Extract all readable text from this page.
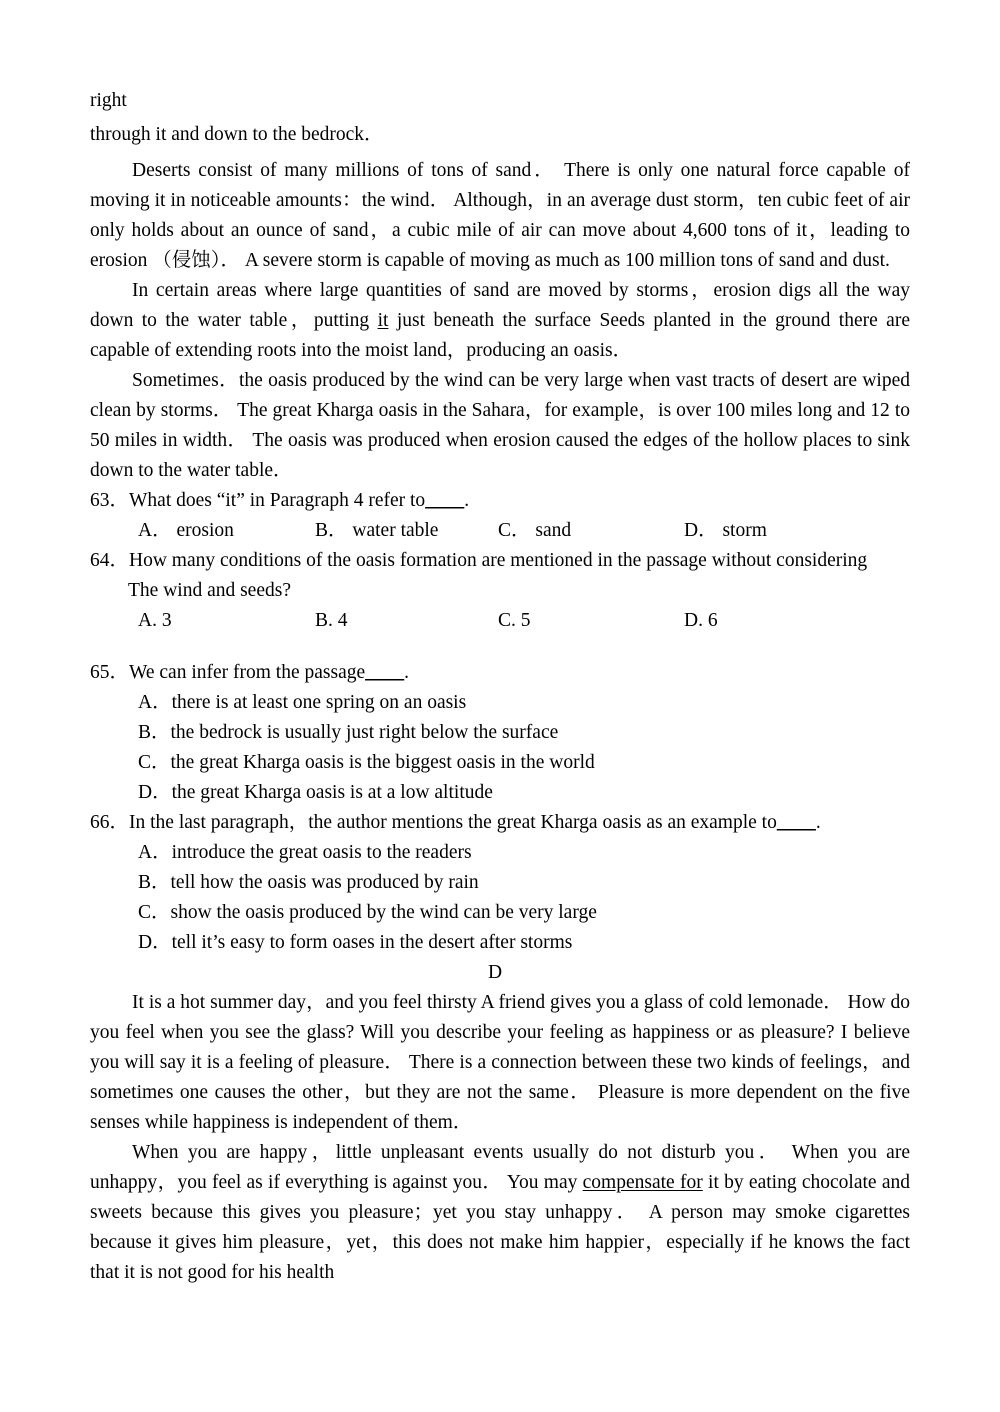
right

through it and down to the bedrock．

Deserts consist of many millions of tons of sand． There is only one natural force capable of moving it in noticeable amounts：the wind． Although，in an average dust storm，ten cubic feet of air only holds about an ounce of sand，a cubic mile of air can move about 4,600 tons of it，leading to erosion （侵蚀）． A severe storm is capable of moving as much as 100 million tons of sand and dust.

In certain areas where large quantities of sand are moved by storms，erosion digs all the way down to the water table，putting it just beneath the surface Seeds planted in the ground there are capable of extending roots into the moist land，producing an oasis．

Sometimes．the oasis produced by the wind can be very large when vast tracts of desert are wiped clean by storms． The great Kharga oasis in the Sahara，for example，is over 100 miles long and 12 to 50 miles in width． The oasis was produced when erosion caused the edges of the hollow places to sink down to the water table．

63．What does “it” in Paragraph 4 refer to____.

A． erosion	B． water table	C． sand	D． storm

64．How many conditions of the oasis formation are mentioned in the passage without considering

The wind and seeds?

A. 3	B. 4	C. 5	D. 6

65．We can infer from the passage____.

A．there is at least one spring on an oasis
B．the bedrock is usually just right below the surface
C．the great Kharga oasis is the biggest oasis in the world
D．the great Kharga oasis is at a low altitude

66．In the last paragraph，the author mentions the great Kharga oasis as an example to____.

A．introduce the great oasis to the readers
B．tell how the oasis was produced by rain
C．show the oasis produced by the wind can be very large
D．tell it’s easy to form oases in the desert after storms

D

It is a hot summer day，and you feel thirsty A friend gives you a glass of cold lemonade． How do you feel when you see the glass? Will you describe your feeling as happiness or as pleasure? I believe you will say it is a feeling of pleasure． There is a connection between these two kinds of feelings，and sometimes one causes the other，but they are not the same． Pleasure is more dependent on the five senses while happiness is independent of them．

When you are happy，little unpleasant events usually do not disturb you． When you are unhappy，you feel as if everything is against you． You may compensate for it by eating chocolate and sweets because this gives you pleasure；yet you stay unhappy． A person may smoke cigarettes because it gives him pleasure，yet，this does not make him happier，especially if he knows the fact that it is not good for his health
